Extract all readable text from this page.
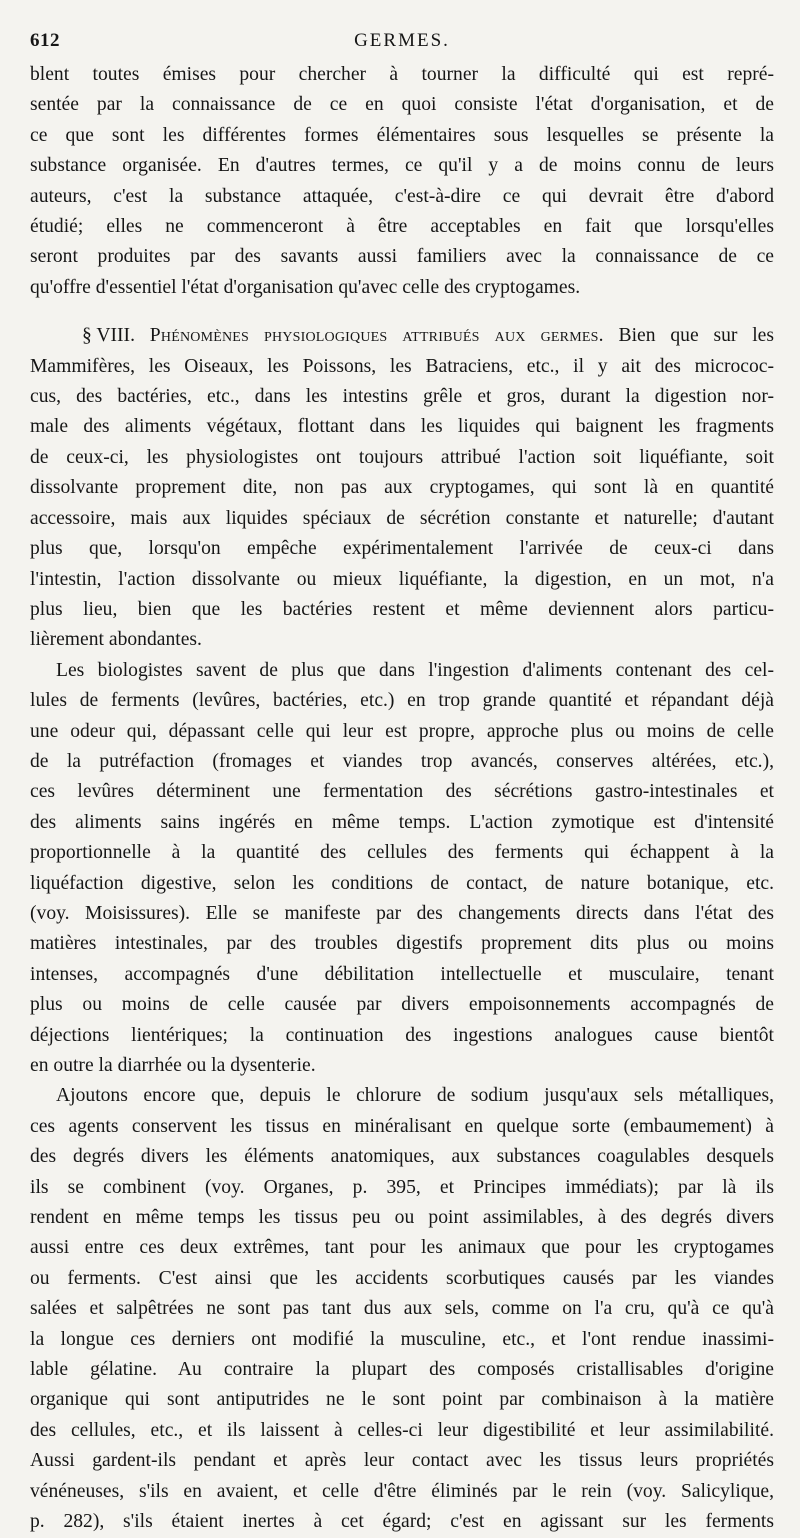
612	GERMES.

blent toutes émises pour chercher à tourner la difficulté qui est repré-
sentée par la connaissance de ce en quoi consiste l'état d'organisation, et de
ce que sont les différentes formes élémentaires sous lesquelles se présente la
substance organisée. En d'autres termes, ce qu'il y a de moins connu de leurs
auteurs, c'est la substance attaquée, c'est-à-dire ce qui devrait être d'abord
étudié; elles ne commenceront à être acceptables en fait que lorsqu'elles
seront produites par des savants aussi familiers avec la connaissance de ce
qu'offre d'essentiel l'état d'organisation qu'avec celle des cryptogames.

§ VIII. Phénomènes physiologiques attribués aux germes. Bien que sur les
Mammifères, les Oiseaux, les Poissons, les Batraciens, etc., il y ait des micrococ-
cus, des bactéries, etc., dans les intestins grêle et gros, durant la digestion nor-
male des aliments végétaux, flottant dans les liquides qui baignent les fragments
de ceux-ci, les physiologistes ont toujours attribué l'action soit liquéfiante, soit
dissolvante proprement dite, non pas aux cryptogames, qui sont là en quantité
accessoire, mais aux liquides spéciaux de sécrétion constante et naturelle; d'autant
plus que, lorsqu'on empêche expérimentalement l'arrivée de ceux-ci dans
l'intestin, l'action dissolvante ou mieux liquéfiante, la digestion, en un mot, n'a
plus lieu, bien que les bactéries restent et même deviennent alors particu-
lièrement abondantes.

Les biologistes savent de plus que dans l'ingestion d'aliments contenant des cel-
lules de ferments (levûres, bactéries, etc.) en trop grande quantité et répandant déjà
une odeur qui, dépassant celle qui leur est propre, approche plus ou moins de celle
de la putréfaction (fromages et viandes trop avancés, conserves altérées, etc.),
ces levûres déterminent une fermentation des sécrétions gastro-intestinales et
des aliments sains ingérés en même temps. L'action zymotique est d'intensité
proportionnelle à la quantité des cellules des ferments qui échappent à la
liquéfaction digestive, selon les conditions de contact, de nature botanique, etc.
(voy. Moisissures). Elle se manifeste par des changements directs dans l'état des
matières intestinales, par des troubles digestifs proprement dits plus ou moins
intenses, accompagnés d'une débilitation intellectuelle et musculaire, tenant
plus ou moins de celle causée par divers empoisonnements accompagnés de
déjections lientériques; la continuation des ingestions analogues cause bientôt
en outre la diarrhée ou la dysenterie.

Ajoutons encore que, depuis le chlorure de sodium jusqu'aux sels métalliques,
ces agents conservent les tissus en minéralisant en quelque sorte (embaumement) à
des degrés divers les éléments anatomiques, aux substances coagulables desquels
ils se combinent (voy. Organes, p. 395, et Principes immédiats); par là ils
rendent en même temps les tissus peu ou point assimilables, à des degrés divers
aussi entre ces deux extrêmes, tant pour les animaux que pour les cryptogames
ou ferments. C'est ainsi que les accidents scorbutiques causés par les viandes
salées et salpêtrées ne sont pas tant dus aux sels, comme on l'a cru, qu'à ce qu'à
la longue ces derniers ont modifié la musculine, etc., et l'ont rendue inassimi-
lable gélatine. Au contraire la plupart des composés cristallisables d'origine
organique qui sont antiputrides ne le sont point par combinaison à la matière
des cellules, etc., et ils laissent à celles-ci leur digestibilité et leur assimilabilité.
Aussi gardent-ils pendant et après leur contact avec les tissus leurs propriétés
vénéneuses, s'ils en avaient, et celle d'être éliminés par le rein (voy. Salicylique,
p. 282), s'ils étaient inertes à cet égard; c'est en agissant sur les ferments
